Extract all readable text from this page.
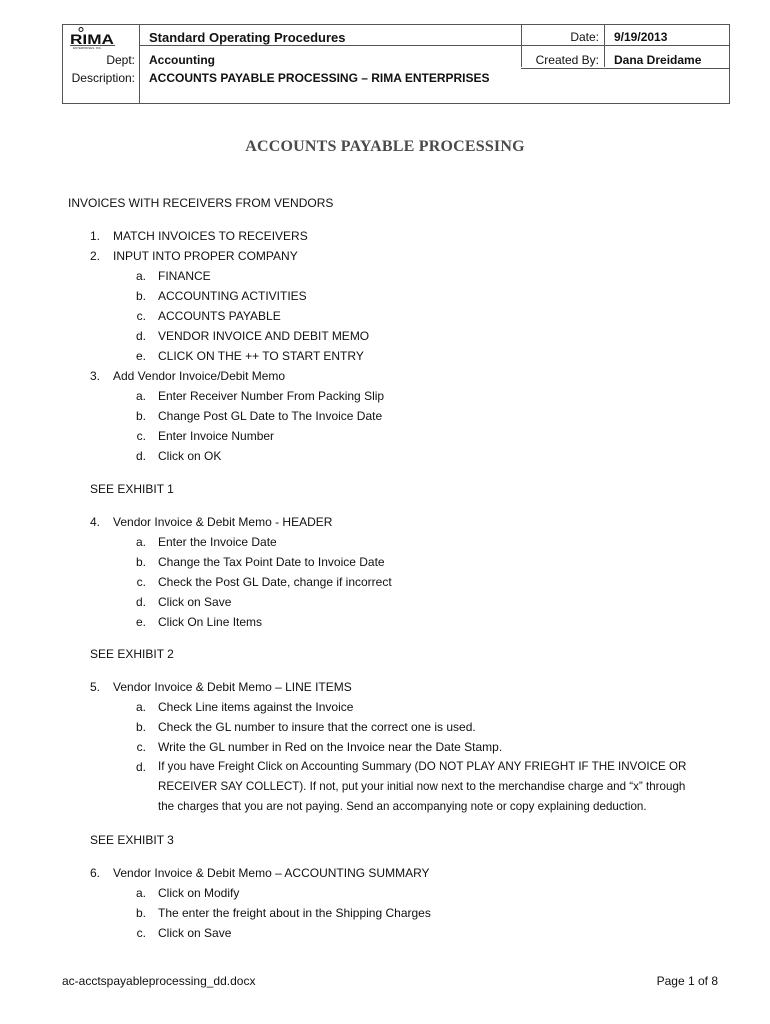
RIMA
ENTERPRISES, INC.
Standard Operating Procedures	Date: 9/19/2013
Dept: Accounting	Created By: Dana Dreidame
Description: ACCOUNTS PAYABLE PROCESSING – RIMA ENTERPRISES
ACCOUNTS PAYABLE PROCESSING
INVOICES WITH RECEIVERS FROM VENDORS
1. MATCH INVOICES TO RECEIVERS
2. INPUT INTO PROPER COMPANY
a. FINANCE
b. ACCOUNTING ACTIVITIES
c. ACCOUNTS PAYABLE
d. VENDOR INVOICE AND DEBIT MEMO
e. CLICK ON THE ++ TO START ENTRY
3. Add Vendor Invoice/Debit Memo
a. Enter Receiver Number From Packing Slip
b. Change Post GL Date to The Invoice Date
c. Enter Invoice Number
d. Click on OK
SEE EXHIBIT 1
4. Vendor Invoice & Debit Memo - HEADER
a. Enter the Invoice Date
b. Change the Tax Point Date to Invoice Date
c. Check the Post GL Date, change if incorrect
d. Click on Save
e. Click On Line Items
SEE EXHIBIT 2
5. Vendor Invoice & Debit Memo – LINE ITEMS
a. Check Line items against the Invoice
b. Check the GL number to insure that the correct one is used.
c. Write the GL number in Red on the Invoice near the Date Stamp.
d. If you have Freight Click on Accounting Summary (DO NOT PLAY ANY FRIEGHT IF THE INVOICE OR
RECEIVER SAY COLLECT). If not, put your initial now next to the merchandise charge and “x” through
the charges that you are not paying. Send an accompanying note or copy explaining deduction.
SEE EXHIBIT 3
6. Vendor Invoice & Debit Memo – ACCOUNTING SUMMARY
a. Click on Modify
b. The enter the freight about in the Shipping Charges
c. Click on Save
ac-acctspayableprocessing_dd.docx	Page 1 of 8
